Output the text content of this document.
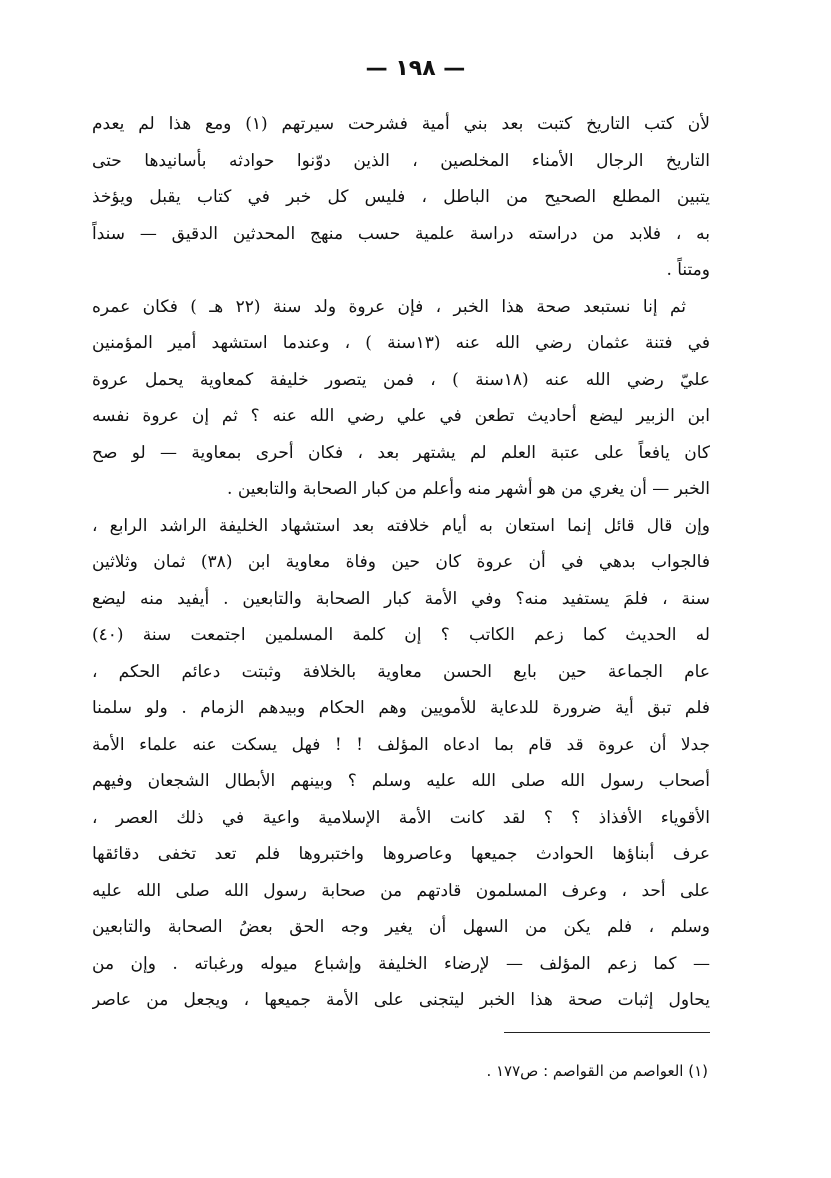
— ١٩٨ —
لأن كتب التاريخ كتبت بعد بني أمية فشرحت سيرتهم (١) ومع هذا لم يعدم
التاريخ الرجال الأمناء المخلصين ، الذين دوّنوا حوادثه بأسانيدها حتى
يتبين المطلع الصحيح من الباطل ، فليس كل خبر في كتاب يقبل ويؤخذ
به ، فلابد من دراسته دراسة علمية حسب منهج المحدثين الدقيق — سنداً
ومتناً .
ثم إنا نستبعد صحة هذا الخبر ، فإن عروة ولد سنة (٢٢ هـ ) فكان عمره
في فتنة عثمان رضي الله عنه (١٣سنة ) ، وعندما استشهد أمير المؤمنين
عليّ رضي الله عنه (١٨سنة ) ، فمن يتصور خليفة كمعاوية يحمل عروة
ابن الزبير ليضع أحاديث تطعن في علي رضي الله عنه ؟ ثم إن عروة نفسه
كان يافعاً على عتبة العلم لم يشتهر بعد ، فكان أحرى بمعاوية — لو صح
الخبر — أن يغري من هو أشهر منه وأعلم من كبار الصحابة والتابعين .
وإن قال قائل إنما استعان به أيام خلافته بعد استشهاد الخليفة الراشد الرابع ،
فالجواب بدهي في أن عروة كان حين وفاة معاوية ابن (٣٨) ثمان وثلاثين
سنة ، فلمَ يستفيد منه؟ وفي الأمة كبار الصحابة والتابعين . أيفيد منه ليضع
له الحديث كما زعم الكاتب ؟ إن كلمة المسلمين اجتمعت سنة (٤٠)
عام الجماعة حين بايع الحسن معاوية بالخلافة وثبتت دعائم الحكم ،
فلم تبق أية ضرورة للدعاية للأمويين وهم الحكام وبيدهم الزمام . ولو سلمنا
جدلا أن عروة قد قام بما ادعاه المؤلف ! ! فهل يسكت عنه علماء الأمة
أصحاب رسول الله صلى الله عليه وسلم ؟ وبينهم الأبطال الشجعان وفيهم
الأقوياء الأفذاذ ؟ ؟ لقد كانت الأمة الإسلامية واعية في ذلك العصر ،
عرف أبناؤها الحوادث جميعها وعاصروها واختبروها فلم تعد تخفى دقائقها
على أحد ، وعرف المسلمون قادتهم من صحابة رسول الله صلى الله عليه
وسلم ، فلم يكن من السهل أن يغير وجه الحق بعضُ الصحابة والتابعين
— كما زعم المؤلف — لإرضاء الخليفة وإشباع ميوله ورغباته . وإن من
يحاول إثبات صحة هذا الخبر ليتجنى على الأمة جميعها ، ويجعل من عاصر
(١) العواصم من القواصم : ص١٧٧ .
